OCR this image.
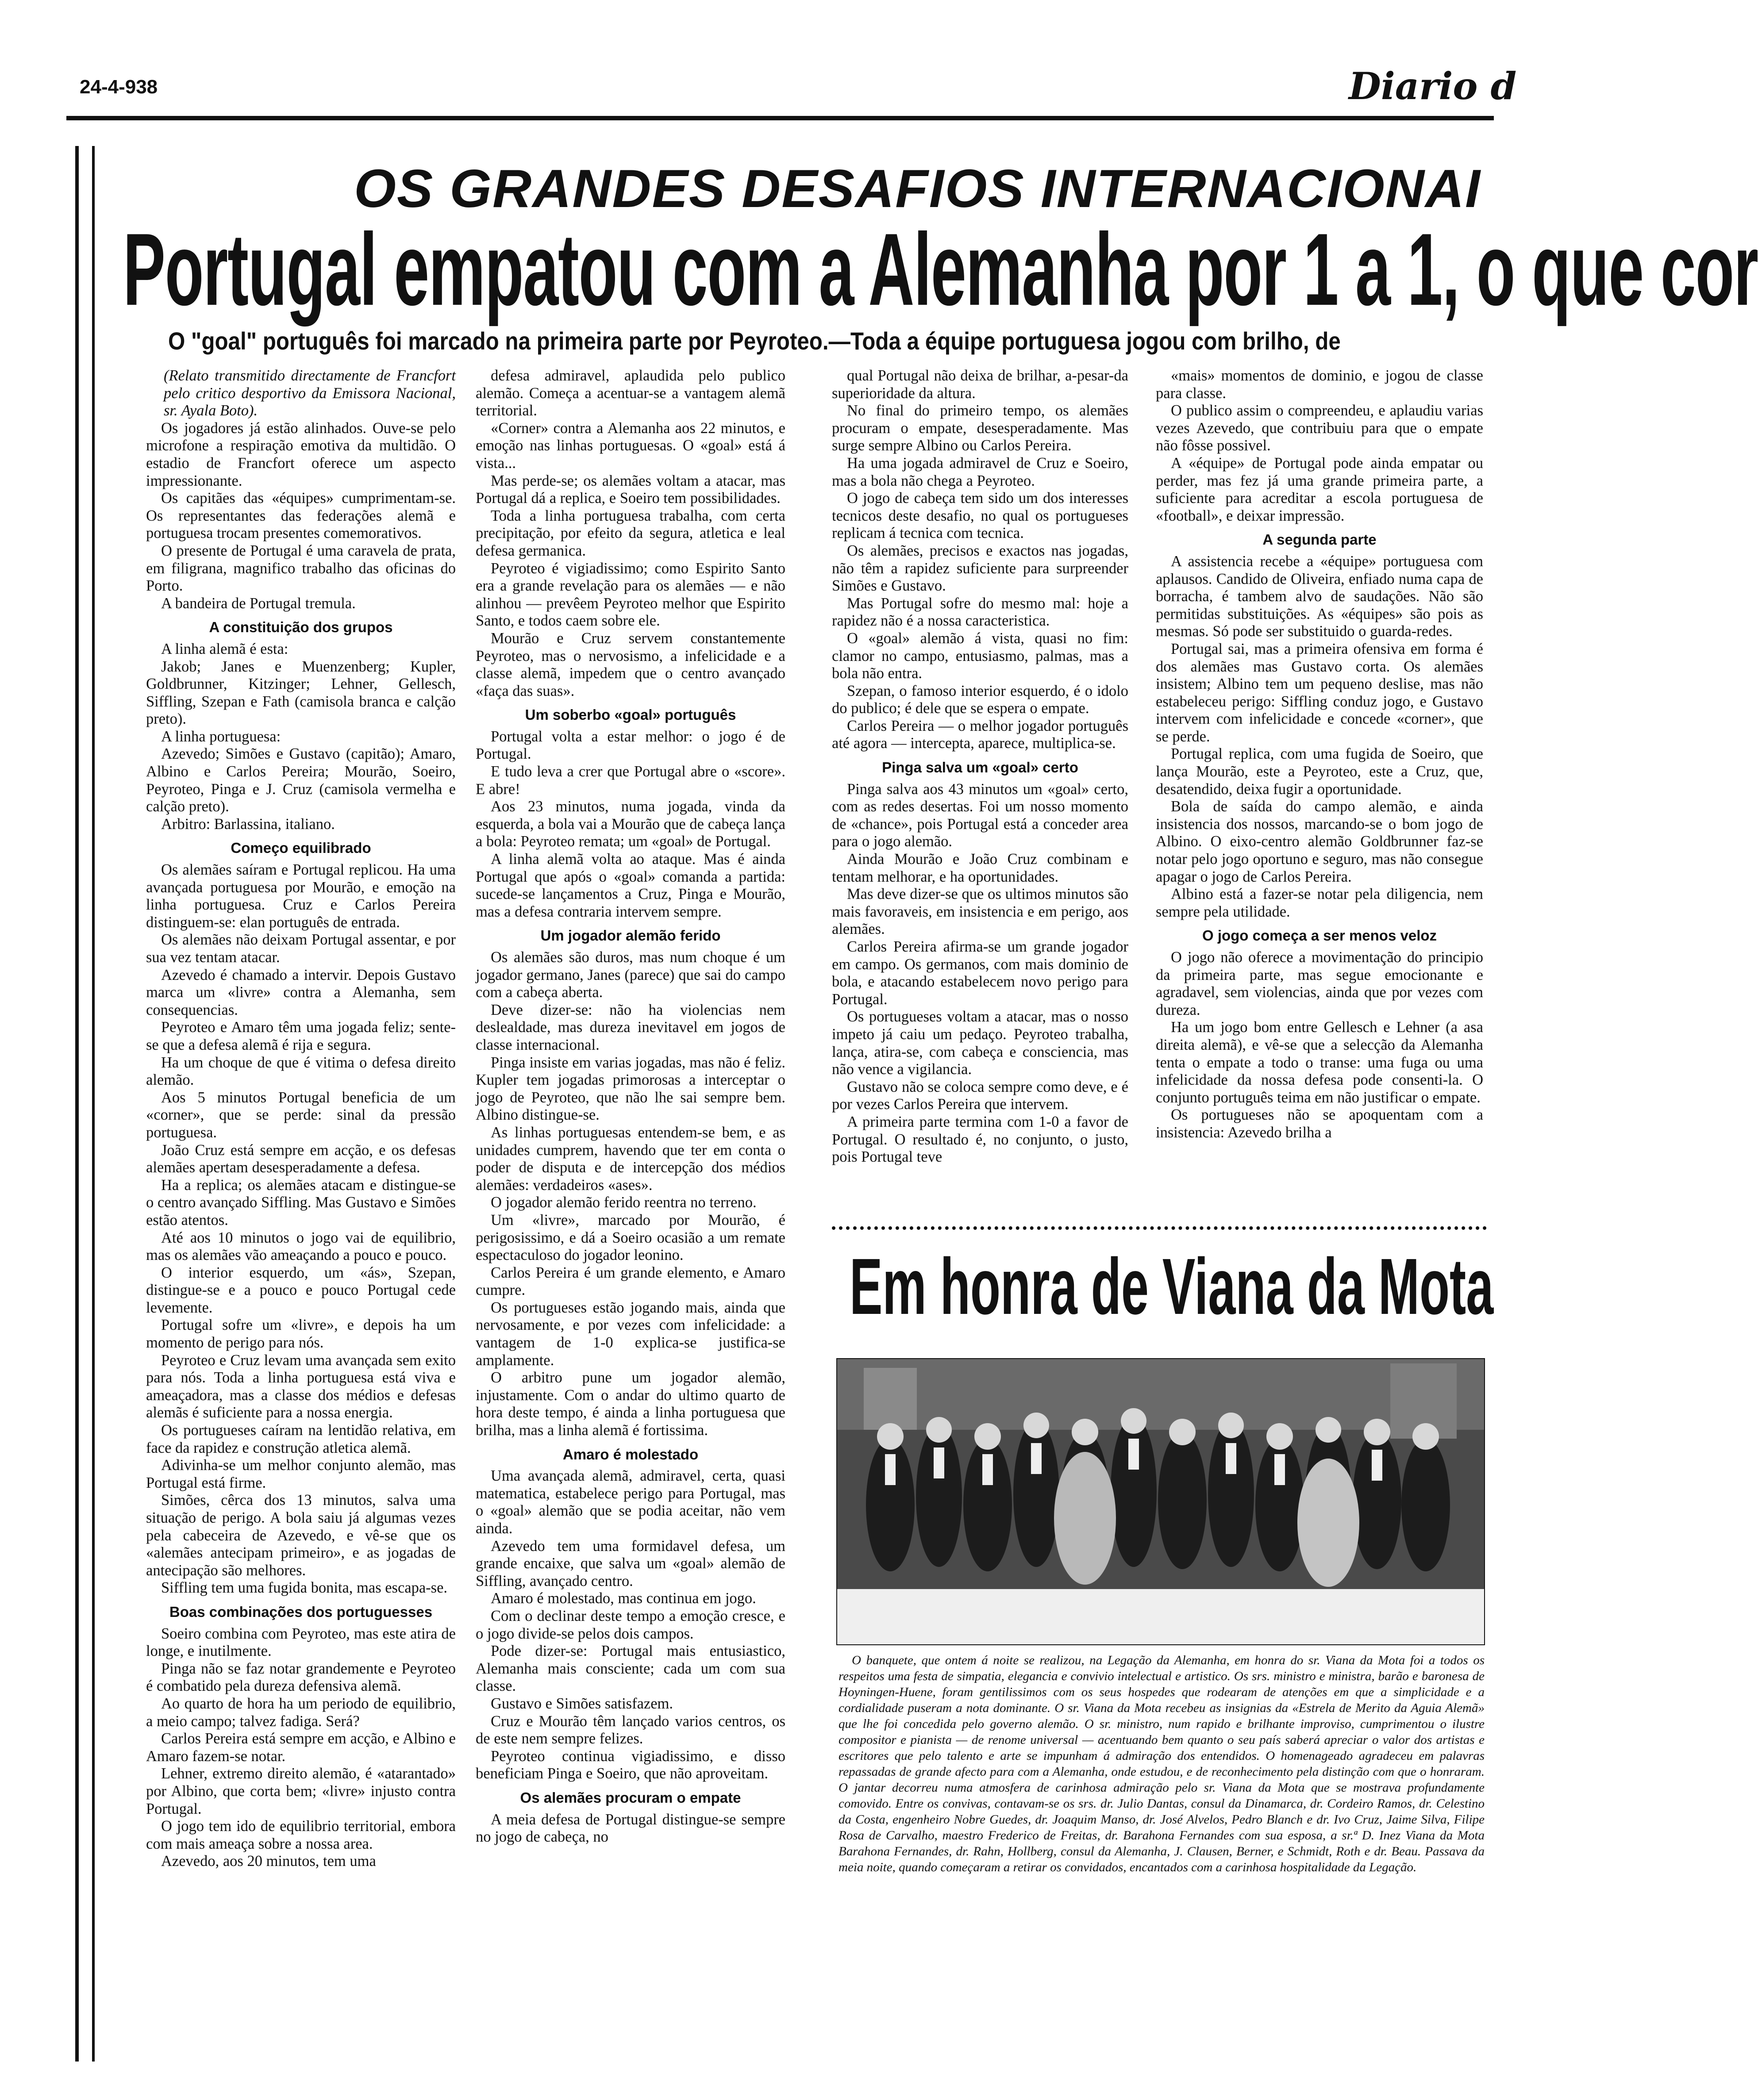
24-4-938	Diario d
OS GRANDES DESAFIOS INTERNACIONAI
Portugal empatou com a Alemanha por 1 a 1, o que cor
O "goal" português foi marcado na primeira parte por Peyroteo.—Toda a équipe portuguesa jogou com brilho, de

(Relato transmitido directamente de Francfort pelo critico desportivo da Emissora Nacional, sr. Ayala Boto).

Os jogadores já estão alinhados. Ouve-se pelo microfone a respiração emotiva da multidão. O estadio de Francfort oferece um aspecto impressionante.

Os capitães das «équipes» cumprimentam-se. Os representantes das federações alemã e portuguesa trocam presentes comemorativos.

O presente de Portugal é uma caravela de prata, em filigrana, magnifico trabalho das oficinas do Porto.

A bandeira de Portugal tremula.

A constituição dos grupos

A linha alemã é esta:

Jakob; Janes e Muenzenberg; Kupler, Goldbrunner, Kitzinger; Lehner, Gellesch, Siffling, Szepan e Fath (camisola branca e calção preto).

A linha portuguesa:

Azevedo; Simões e Gustavo (capitão); Amaro, Albino e Carlos Pereira; Mourão, Soeiro, Peyroteo, Pinga e J. Cruz (camisola vermelha e calção preto).

Arbitro: Barlassina, italiano.

Começo equilibrado

Os alemães saíram e Portugal replicou. Ha uma avançada portuguesa por Mourão, e emoção na linha portuguesa. Cruz e Carlos Pereira distinguem-se: elan português de entrada.

Os alemães não deixam Portugal assentar, e por sua vez tentam atacar.

Azevedo é chamado a intervir. Depois Gustavo marca um «livre» contra a Alemanha, sem consequencias.

Peyroteo e Amaro têm uma jogada feliz; sente-se que a defesa alemã é rija e segura.

Ha um choque de que é vitima o defesa direito alemão.

Aos 5 minutos Portugal beneficia de um «corner», que se perde: sinal da pressão portuguesa.

João Cruz está sempre em acção, e os defesas alemães apertam desesperadamente a defesa.

Ha a replica; os alemães atacam e distingue-se o centro avançado Siffling. Mas Gustavo e Simões estão atentos.

Até aos 10 minutos o jogo vai de equilibrio, mas os alemães vão ameaçando a pouco e pouco.

O interior esquerdo, um «ás», Szepan, distingue-se e a pouco e pouco Portugal cede levemente.

Portugal sofre um «livre», e depois ha um momento de perigo para nós.

Peyroteo e Cruz levam uma avançada sem exito para nós. Toda a linha portuguesa está viva e ameaçadora, mas a classe dos médios e defesas alemãs é suficiente para a nossa energia.

Os portugueses caíram na lentidão relativa, em face da rapidez e construção atletica alemã.

Adivinha-se um melhor conjunto alemão, mas Portugal está firme.

Simões, cêrca dos 13 minutos, salva uma situação de perigo. A bola saiu já algumas vezes pela cabeceira de Azevedo, e vê-se que os «alemães antecipam primeiro», e as jogadas de antecipação são melhores.

Siffling tem uma fugida bonita, mas escapa-se.

Boas combinações dos portuguesses

Soeiro combina com Peyroteo, mas este atira de longe, e inutilmente.

Pinga não se faz notar grandemente e Peyroteo é combatido pela dureza defensiva alemã.

Ao quarto de hora ha um periodo de equilibrio, a meio campo; talvez fadiga. Será?

Carlos Pereira está sempre em acção, e Albino e Amaro fazem-se notar.

Lehner, extremo direito alemão, é «atarantado» por Albino, que corta bem; «livre» injusto contra Portugal.

O jogo tem ido de equilibrio territorial, embora com mais ameaça sobre a nossa area.

Azevedo, aos 20 minutos, tem uma

defesa admiravel, aplaudida pelo publico alemão. Começa a acentuar-se a vantagem alemã territorial.

«Corner» contra a Alemanha aos 22 minutos, e emoção nas linhas portuguesas. O «goal» está á vista...

Mas perde-se; os alemães voltam a atacar, mas Portugal dá a replica, e Soeiro tem possibilidades.

Toda a linha portuguesa trabalha, com certa precipitação, por efeito da segura, atletica e leal defesa germanica.

Peyroteo é vigiadissimo; como Espirito Santo era a grande revelação para os alemães — e não alinhou — prevêem Peyroteo melhor que Espirito Santo, e todos caem sobre ele.

Mourão e Cruz servem constantemente Peyroteo, mas o nervosismo, a infelicidade e a classe alemã, impedem que o centro avançado «faça das suas».

Um soberbo «goal» português

Portugal volta a estar melhor: o jogo é de Portugal.

E tudo leva a crer que Portugal abre o «score». E abre!

Aos 23 minutos, numa jogada, vinda da esquerda, a bola vai a Mourão que de cabeça lança a bola: Peyroteo remata; um «goal» de Portugal.

A linha alemã volta ao ataque. Mas é ainda Portugal que após o «goal» comanda a partida: sucede-se lançamentos a Cruz, Pinga e Mourão, mas a defesa contraria intervem sempre.

Um jogador alemão ferido

Os alemães são duros, mas num choque é um jogador germano, Janes (parece) que sai do campo com a cabeça aberta.

Deve dizer-se: não ha violencias nem deslealdade, mas dureza inevitavel em jogos de classe internacional.

Pinga insiste em varias jogadas, mas não é feliz. Kupler tem jogadas primorosas a interceptar o jogo de Peyroteo, que não lhe sai sempre bem. Albino distingue-se.

As linhas portuguesas entendem-se bem, e as unidades cumprem, havendo que ter em conta o poder de disputa e de intercepção dos médios alemães: verdadeiros «ases».

O jogador alemão ferido reentra no terreno.

Um «livre», marcado por Mourão, é perigosissimo, e dá a Soeiro ocasião a um remate espectaculoso do jogador leonino.

Carlos Pereira é um grande elemento, e Amaro cumpre.

Os portugueses estão jogando mais, ainda que nervosamente, e por vezes com infelicidade: a vantagem de 1-0 explica-se justifica-se amplamente.

O arbitro pune um jogador alemão, injustamente. Com o andar do ultimo quarto de hora deste tempo, é ainda a linha portuguesa que brilha, mas a linha alemã é fortissima.

Amaro é molestado

Uma avançada alemã, admiravel, certa, quasi matematica, estabelece perigo para Portugal, mas o «goal» alemão que se podia aceitar, não vem ainda.

Azevedo tem uma formidavel defesa, um grande encaixe, que salva um «goal» alemão de Siffling, avançado centro.

Amaro é molestado, mas continua em jogo.

Com o declinar deste tempo a emoção cresce, e o jogo divide-se pelos dois campos.

Pode dizer-se: Portugal mais entusiastico, Alemanha mais consciente; cada um com sua classe.

Gustavo e Simões satisfazem.

Cruz e Mourão têm lançado varios centros, os de este nem sempre felizes.

Peyroteo continua vigiadissimo, e disso beneficiam Pinga e Soeiro, que não aproveitam.

Os alemães procuram o empate

A meia defesa de Portugal distingue-se sempre no jogo de cabeça, no

qual Portugal não deixa de brilhar, a-pesar-da superioridade da altura.

No final do primeiro tempo, os alemães procuram o empate, desesperadamente. Mas surge sempre Albino ou Carlos Pereira.

Ha uma jogada admiravel de Cruz e Soeiro, mas a bola não chega a Peyroteo.

O jogo de cabeça tem sido um dos interesses tecnicos deste desafio, no qual os portugueses replicam á tecnica com tecnica.

Os alemães, precisos e exactos nas jogadas, não têm a rapidez suficiente para surpreender Simões e Gustavo.

Mas Portugal sofre do mesmo mal: hoje a rapidez não é a nossa caracteristica.

O «goal» alemão á vista, quasi no fim: clamor no campo, entusiasmo, palmas, mas a bola não entra.

Szepan, o famoso interior esquerdo, é o idolo do publico; é dele que se espera o empate.

Carlos Pereira — o melhor jogador português até agora — intercepta, aparece, multiplica-se.

Pinga salva um «goal» certo

Pinga salva aos 43 minutos um «goal» certo, com as redes desertas. Foi um nosso momento de «chance», pois Portugal está a conceder area para o jogo alemão.

Ainda Mourão e João Cruz combinam e tentam melhorar, e ha oportunidades.

Mas deve dizer-se que os ultimos minutos são mais favoraveis, em insistencia e em perigo, aos alemães.

Carlos Pereira afirma-se um grande jogador em campo. Os germanos, com mais dominio de bola, e atacando estabelecem novo perigo para Portugal.

Os portugueses voltam a atacar, mas o nosso impeto já caiu um pedaço. Peyroteo trabalha, lança, atira-se, com cabeça e consciencia, mas não vence a vigilancia.

Gustavo não se coloca sempre como deve, e é por vezes Carlos Pereira que intervem.

A primeira parte termina com 1-0 a favor de Portugal. O resultado é, no conjunto, o justo, pois Portugal teve

«mais» momentos de dominio, e jogou de classe para classe.

O publico assim o compreendeu, e aplaudiu varias vezes Azevedo, que contribuiu para que o empate não fôsse possivel.

A «équipe» de Portugal pode ainda empatar ou perder, mas fez já uma grande primeira parte, a suficiente para acreditar a escola portuguesa de «football», e deixar impressão.

A segunda parte

A assistencia recebe a «équipe» portuguesa com aplausos. Candido de Oliveira, enfiado numa capa de borracha, é tambem alvo de saudações. Não são permitidas substituições. As «équipes» são pois as mesmas. Só pode ser substituido o guarda-redes.

Portugal sai, mas a primeira ofensiva em forma é dos alemães mas Gustavo corta. Os alemães insistem; Albino tem um pequeno deslise, mas não estabeleceu perigo: Siffling conduz jogo, e Gustavo intervem com infelicidade e concede «corner», que se perde.

Portugal replica, com uma fugida de Soeiro, que lança Mourão, este a Peyroteo, este a Cruz, que, desatendido, deixa fugir a oportunidade.

Bola de saída do campo alemão, e ainda insistencia dos nossos, marcando-se o bom jogo de Albino. O eixo-centro alemão Goldbrunner faz-se notar pelo jogo oportuno e seguro, mas não consegue apagar o jogo de Carlos Pereira.

Albino está a fazer-se notar pela diligencia, nem sempre pela utilidade.

O jogo começa a ser menos veloz

O jogo não oferece a movimentação do principio da primeira parte, mas segue emocionante e agradavel, sem violencias, ainda que por vezes com dureza.

Ha um jogo bom entre Gellesch e Lehner (a asa direita alemã), e vê-se que a selecção da Alemanha tenta o empate a todo o transe: uma fuga ou uma infelicidade da nossa defesa pode consenti-la. O conjunto português teima em não justificar o empate.

Os portugueses não se apoquentam com a insistencia: Azevedo brilha a

Em honra de Viana da Mota

O banquete, que ontem á noite se realizou, na Legação da Alemanha, em honra do sr. Viana da Mota foi a todos os respeitos uma festa de simpatia, elegancia e convivio intelectual e artistico. Os srs. ministro e ministra, barão e baronesa de Hoyningen-Huene, foram gentilissimos com os seus hospedes que rodearam de atenções em que a simplicidade e a cordialidade puseram a nota dominante. O sr. Viana da Mota recebeu as insignias da «Estrela de Merito da Aguia Alemã» que lhe foi concedida pelo governo alemão. O sr. ministro, num rapido e brilhante improviso, cumprimentou o ilustre compositor e pianista — de renome universal — acentuando bem quanto o seu país saberá apreciar o valor dos artistas e escritores que pelo talento e arte se impunham á admiração dos entendidos. O homenageado agradeceu em palavras repassadas de grande afecto para com a Alemanha, onde estudou, e de reconhecimento pela distinção com que o honraram. O jantar decorreu numa atmosfera de carinhosa admiração pelo sr. Viana da Mota que se mostrava profundamente comovido. Entre os convivas, contavam-se os srs. dr. Julio Dantas, consul da Dinamarca, dr. Cordeiro Ramos, dr. Celestino da Costa, engenheiro Nobre Guedes, dr. Joaquim Manso, dr. José Alvelos, Pedro Blanch e dr. Ivo Cruz, Jaime Silva, Filipe Rosa de Carvalho, maestro Frederico de Freitas, dr. Barahona Fernandes com sua esposa, a sr.ª D. Inez Viana da Mota Barahona Fernandes, dr. Rahn, Hollberg, consul da Alemanha, J. Clausen, Berner, e Schmidt, Roth e dr. Beau. Passava da meia noite, quando começaram a retirar os convidados, encantados com a carinhosa hospitalidade da Legação.
